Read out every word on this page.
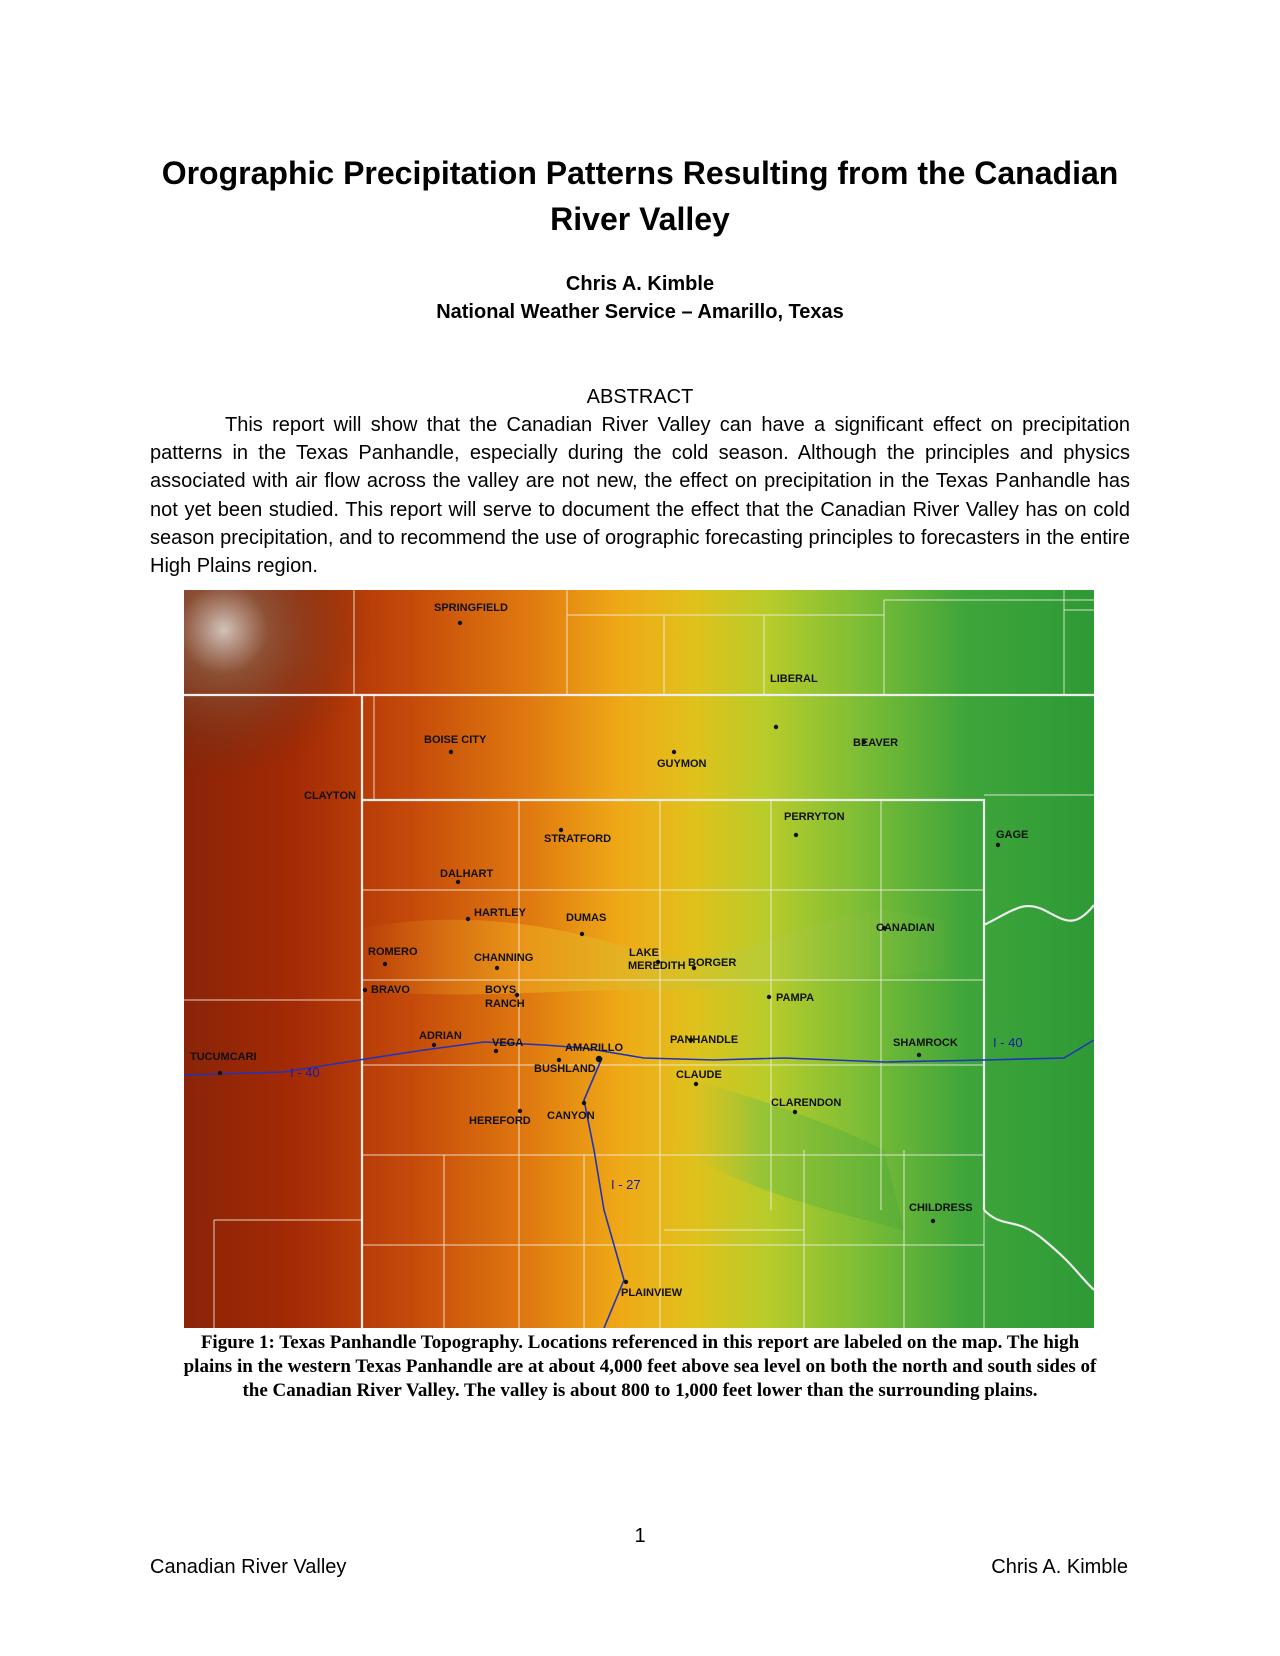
Orographic Precipitation Patterns Resulting from the Canadian River Valley
Chris A. Kimble
National Weather Service – Amarillo, Texas
ABSTRACT

This report will show that the Canadian River Valley can have a significant effect on precipitation patterns in the Texas Panhandle, especially during the cold season. Although the principles and physics associated with air flow across the valley are not new, the effect on precipitation in the Texas Panhandle has not yet been studied. This report will serve to document the effect that the Canadian River Valley has on cold season precipitation, and to recommend the use of orographic forecasting principles to forecasters in the entire High Plains region.

SPRINGFIELD
LIBERAL
BOISE CITY
GUYMON
BEAVER
CLAYTON
PERRYTON
GAGE
STRATFORD
DALHART
HARTLEY	DUMAS
CANADIAN
ROMERO	CHANNING	LAKE
MEREDITH BORGER
BRAVO	BOYS
RANCH	PAMPA
ADRIAN
VEGA	AMARILLO
PANHANDLE	SHAMROCK
TUCUMCARI
BUSHLAND	CLAUDE
CLARENDON
HEREFORD CANYON
CHILDRESS
PLAINVIEW
I - 40
I - 40
I - 27

Figure 1: Texas Panhandle Topography. Locations referenced in this report are labeled on the map. The high plains in the western Texas Panhandle are at about 4,000 feet above sea level on both the north and south sides of the Canadian River Valley. The valley is about 800 to 1,000 feet lower than the surrounding plains.

1
Canadian River Valley	Chris A. Kimble
